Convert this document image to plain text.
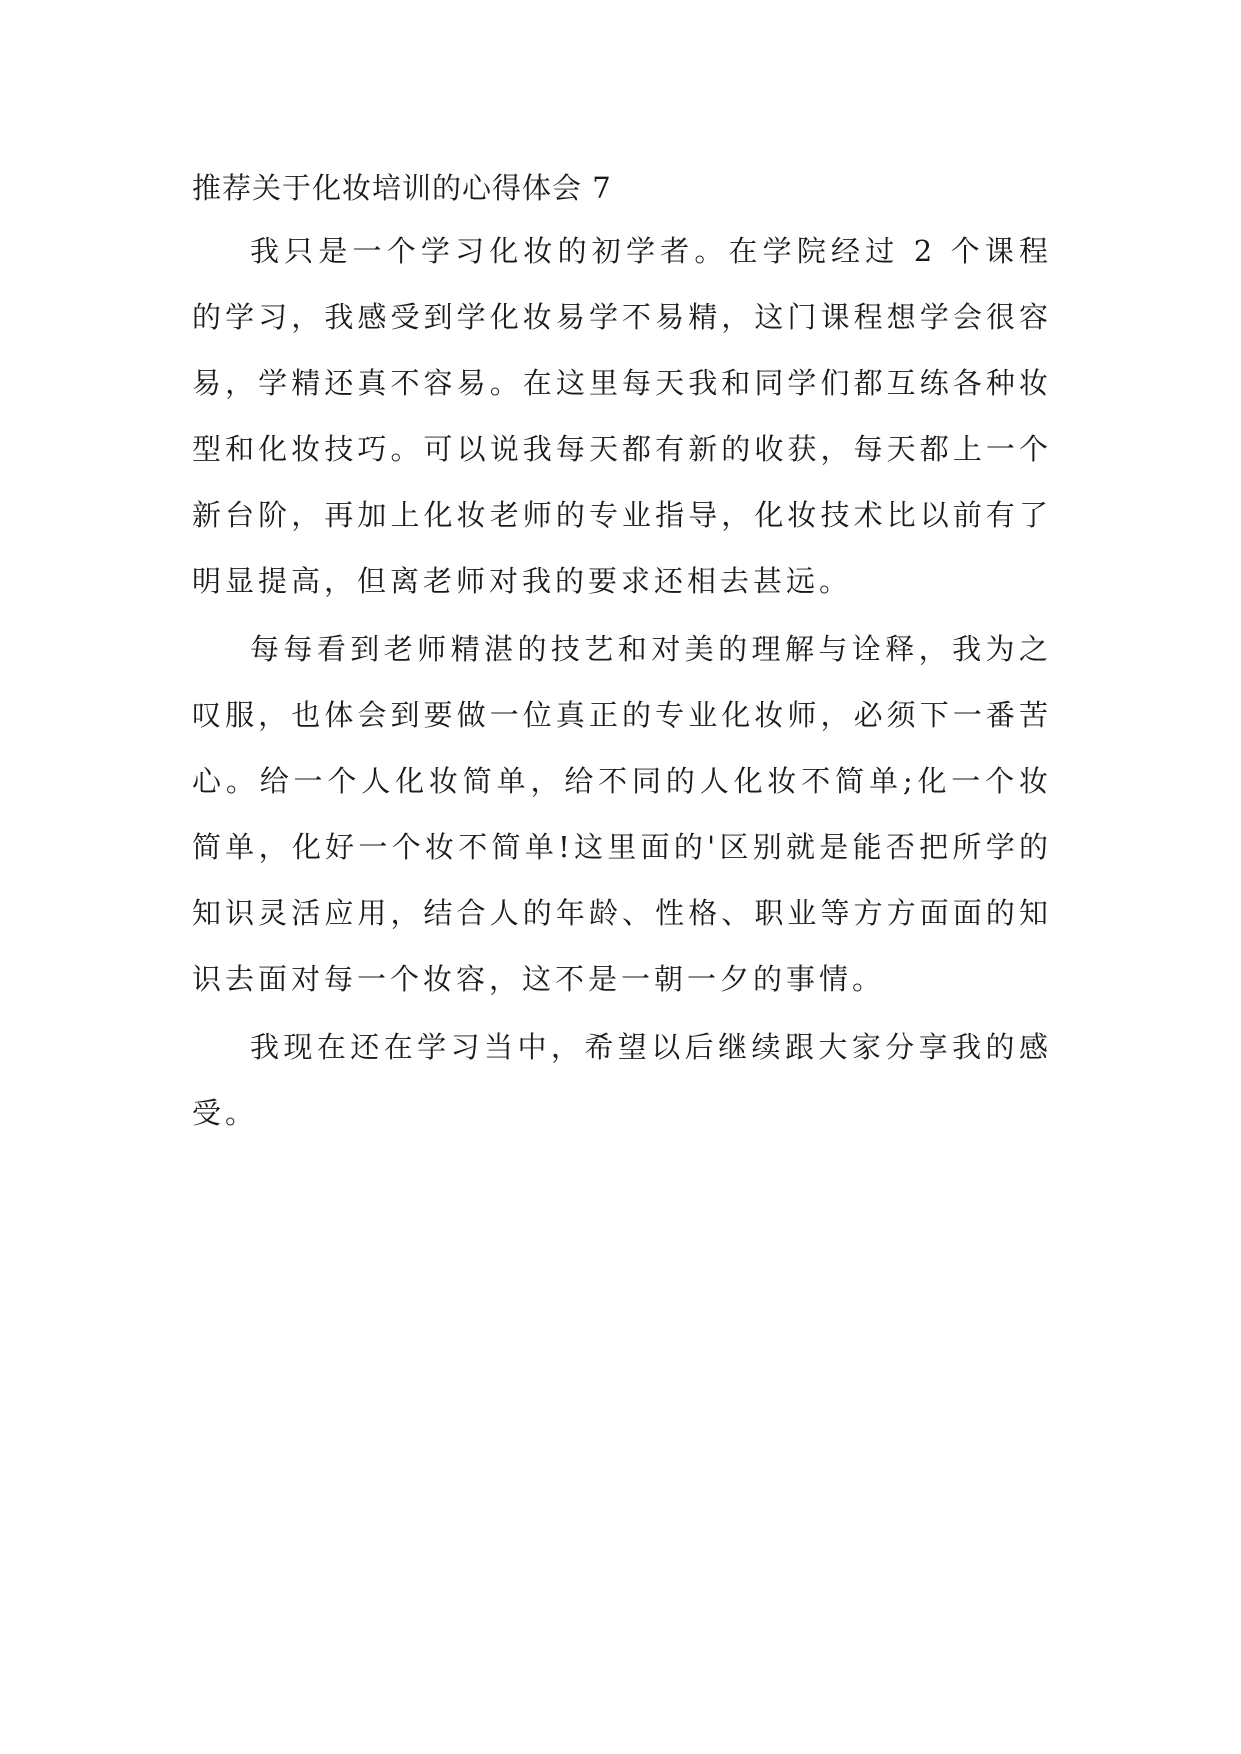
推荐关于化妆培训的心得体会 7

我只是一个学习化妆的初学者。在学院经过 2 个课程的学习，我感受到学化妆易学不易精，这门课程想学会很容易，学精还真不容易。在这里每天我和同学们都互练各种妆型和化妆技巧。可以说我每天都有新的收获，每天都上一个新台阶，再加上化妆老师的专业指导，化妆技术比以前有了明显提高，但离老师对我的要求还相去甚远。

每每看到老师精湛的技艺和对美的理解与诠释，我为之叹服，也体会到要做一位真正的专业化妆师，必须下一番苦心。给一个人化妆简单，给不同的人化妆不简单;化一个妆简单，化好一个妆不简单!这里面的'区别就是能否把所学的知识灵活应用，结合人的年龄、性格、职业等方方面面的知识去面对每一个妆容，这不是一朝一夕的事情。

我现在还在学习当中，希望以后继续跟大家分享我的感受。
